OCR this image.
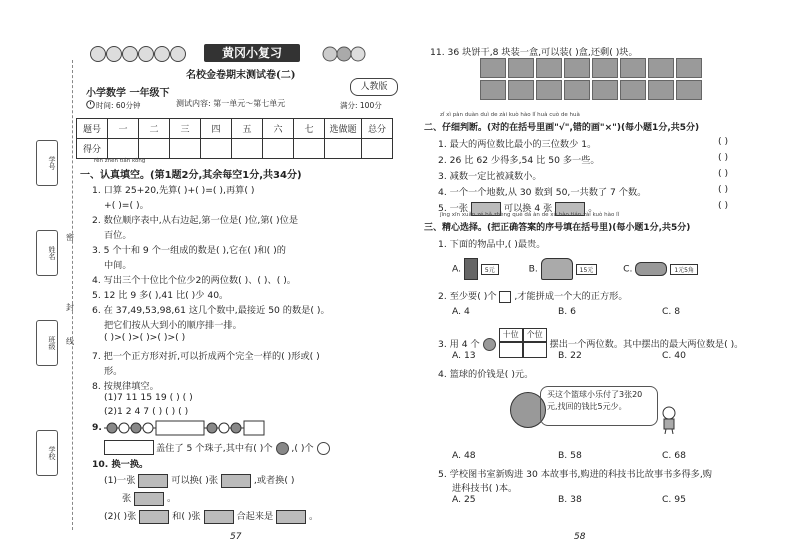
学号
姓名
班级
学校
密
封
线
黄冈小复习
名校金卷期末测试卷(二)
人教版
小学数学 一年级下
时间: 60分钟	测试内容: 第一单元～第七单元	满分: 100分
题号	一	二	三	四	五	六	七	选做题	总分
得分									
rèn zhēn tián kòng
一、认真填空。(第1题2分,其余每空1分,共34分)
1. 口算 25+20,先算( )+( )=( ),再算( )
+( )=( )。
2. 数位顺序表中,从右边起,第一位是( )位,第( )位是
百位。
3. 5 个十和 9 个一组成的数是( ),它在( )和( )的
中间。
4. 写出三个十位比个位少2的两位数( )、( )、( )。
5. 12 比 9 多( ),41 比( )少 40。
6. 在 37,49,53,98,61 这几个数中,最接近 50 的数是( )。
把它们按从大到小的顺序排一排。
( )>( )>( )>( )>( )
7. 把一个正方形对折,可以折成两个完全一样的( )形或( )
形。
8. 按规律填空。
(1)7 11 15 19 ( ) ( )
(2)1 2 4 7 ( ) ( ) ( )
9.
盖住了 5 个珠子,其中有( )个 ,( )个
10. 换一换。
(1)一张	可以换( )张	,或者换( )
张	。
(2)( )张	和( )张	合起来是	。
57
11. 36 块饼干,8 块装一盒,可以装( )盒,还剩( )块。
zǐ xì pàn duàn duì de zài kuò hào lǐ huà cuò de huà
二、仔细判断。(对的在括号里画"√",错的画"×")(每小题1分,共5分)
1. 最大的两位数比最小的三位数少 1。
2. 26 比 62 少得多,54 比 50 多一些。
3. 减数一定比被减数小。
4. 一个一个地数,从 30 数到 50,一共数了 7 个数。
5. 一张	可以换 4 张	。
( )
( )
( )
( )
( )
jīng xīn xuǎn zé bǎ zhèng què dá àn de xù hào tián zài kuò hào lǐ
三、精心选择。(把正确答案的序号填在括号里)(每小题1分,共5分)
1. 下面的物品中,( )最贵。
A.	5元	B.	15元	C.	1元5角
2. 至少要( )个 ,才能拼成一个大的正方形。
A. 4	B. 6	C. 8
3. 用 4 个  十位 个位
摆出一个两位数。其中摆出的最大两位数是( )。
A. 13	B. 22	C. 40
4. 篮球的价钱是( )元。
买这个篮球小乐付了3张20元,找回的钱比5元少。
A. 48	B. 58	C. 68
5. 学校图书室新购进 30 本故事书,购进的科技书比故事书多得多,购
进科技书( )本。
A. 25	B. 38	C. 95
58
